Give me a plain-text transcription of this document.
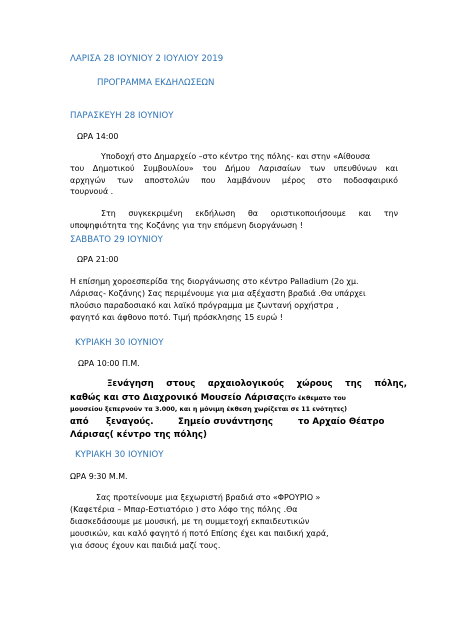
ΛΑΡΙΣΑ 28 ΙΟΥΝΙΟΥ 2 ΙΟΥΛΙΟΥ 2019
ΠΡΟΓΡΑΜΜΑ ΕΚΔΗΛΩΣΕΩΝ
ΠΑΡΑΣΚΕΥΗ 28 ΙΟΥΝΙΟΥ
ΩΡΑ 14:00
Υποδοχή στο Δημαρχείο –στο κέντρο της πόλης- και στην «Αίθουσα
του Δημοτικού Συμβουλίου» του Δήμου Λαρισαίων των υπευθύνων και
αρχηγών των αποστολών που λαμβάνουν μέρος στο ποδοσφαιρικό
τουρνουά .
Στη συγκεκριμένη εκδήλωση θα οριστικοποιήσουμε και την
υποψηφιότητα της Κοζάνης για την επόμενη διοργάνωση !
ΣΑΒΒΑΤΟ 29 ΙΟΥΝΙΟΥ
ΩΡΑ 21:00
Η επίσημη χοροεσπερίδα της διοργάνωσης στο κέντρο Palladium (2ο χμ.
Λάρισας- Κοζάνης) Σας περιμένουμε για μια αξέχαστη βραδιά .Θα υπάρχει
πλούσιο παραδοσιακό και λαϊκό πρόγραμμα με ζωντανή ορχήστρα ,
φαγητό και άφθονο ποτό. Τιμή πρόσκλησης 15 ευρώ !
ΚΥΡΙΑΚΗ 30 ΙΟΥΝΙΟΥ
ΩΡΑ 10:00 Π.Μ.
Ξενάγηση στους αρχαιολογικούς χώρους της πόλης,
καθώς και στο Διαχρονικό Μουσείο Λάρισας(Το έκθεματο του
μουσείου ξεπερνούν τα 3.000, και η μόνιμη έκθεση χωρίζεται σε 11 ενότητες)
από ξεναγούς.	Σημείο συνάντησης	το Αρχαίο Θέατρο
Λάρισας( κέντρο της πόλης)
ΚΥΡΙΑΚΗ 30 ΙΟΥΝΙΟΥ
ΩΡΑ 9:30 Μ.Μ.
Σας προτείνουμε μια ξεχωριστή βραδιά στο «ΦΡΟΥΡΙΟ »
(Καφετέρια – Μπαρ-Εστιατόριο ) στο λόφο της πόλης .Θα
διασκεδάσουμε με μουσική, με τη συμμετοχή εκπαιδευτικών
μουσικών, και καλό φαγητό ή ποτό Επίσης έχει και παιδική χαρά,
για όσους έχουν και παιδιά μαζί τους.
